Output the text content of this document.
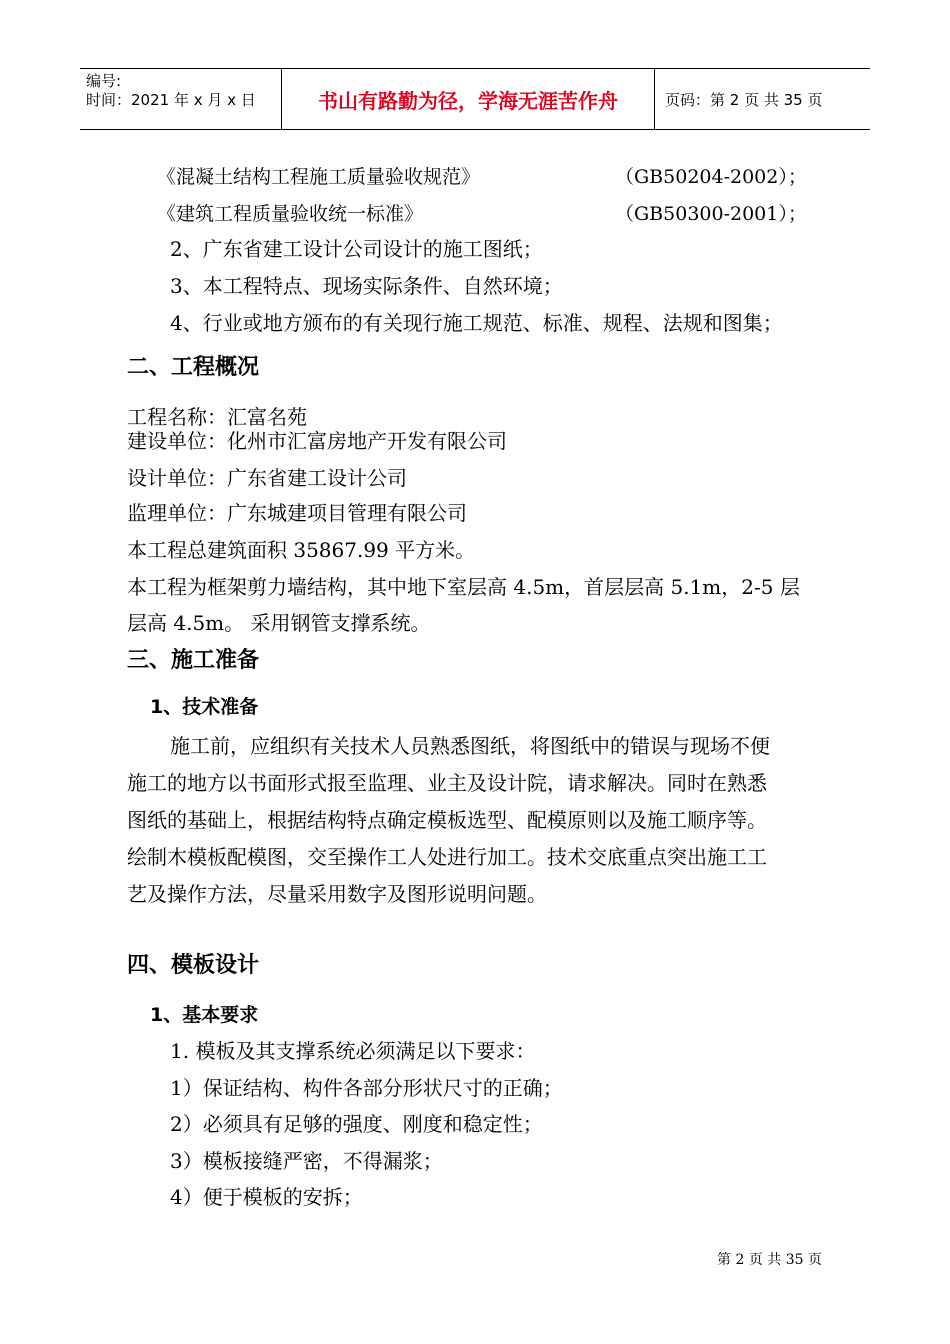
编号:
时间：2021 年 x 月 x 日	书山有路勤为径，学海无涯苦作舟	页码：第 2 页 共 35 页
《混凝土结构工程施工质量验收规范》	（GB50204-2002）；
《建筑工程质量验收统一标准》	（GB50300-2001）；
2、广东省建工设计公司设计的施工图纸；
3、本工程特点、现场实际条件、自然环境；
4、行业或地方颁布的有关现行施工规范、标准、规程、法规和图集；
二、工程概况
工程名称：汇富名苑
建设单位：化州市汇富房地产开发有限公司
设计单位：广东省建工设计公司
监理单位：广东城建项目管理有限公司
本工程总建筑面积 35867.99 平方米。
本工程为框架剪力墙结构，其中地下室层高 4.5m，首层层高 5.1m，2-5 层
层高 4.5m。 采用钢管支撑系统。
三、施工准备
1、技术准备
施工前，应组织有关技术人员熟悉图纸，将图纸中的错误与现场不便
施工的地方以书面形式报至监理、业主及设计院，请求解决。同时在熟悉
图纸的基础上，根据结构特点确定模板选型、配模原则以及施工顺序等。
绘制木模板配模图，交至操作工人处进行加工。技术交底重点突出施工工
艺及操作方法，尽量采用数字及图形说明问题。
四、模板设计
1、基本要求
1. 模板及其支撑系统必须满足以下要求：
1）保证结构、构件各部分形状尺寸的正确；
2）必须具有足够的强度、刚度和稳定性；
3）模板接缝严密，不得漏浆；
4）便于模板的安拆；
第 2 页 共 35 页
